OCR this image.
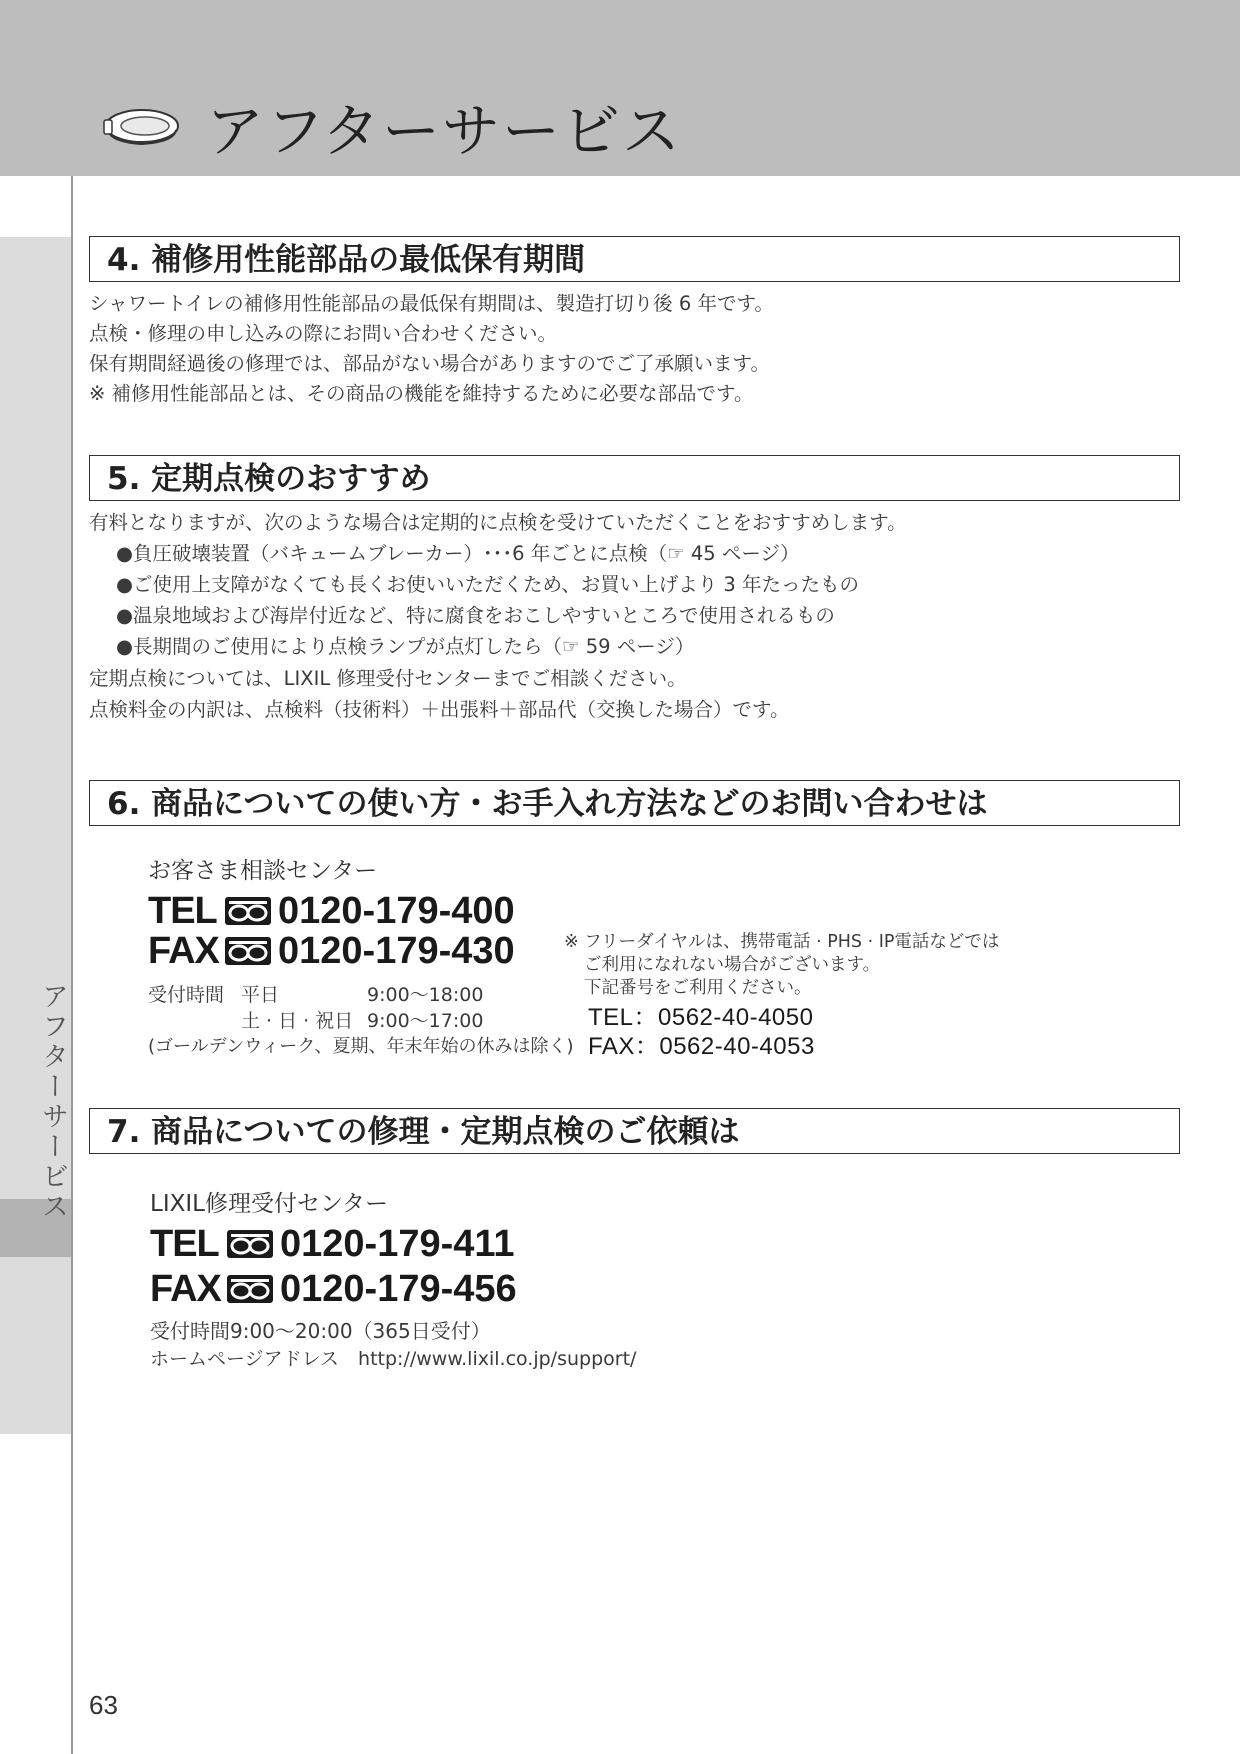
アフターサービス
アフターサービス
4. 補修用性能部品の最低保有期間
シャワートイレの補修用性能部品の最低保有期間は、製造打切り後 6 年です。
点検・修理の申し込みの際にお問い合わせください。
保有期間経過後の修理では、部品がない場合がありますのでご了承願います。
※ 補修用性能部品とは、その商品の機能を維持するために必要な部品です。
5. 定期点検のおすすめ
有料となりますが、次のような場合は定期的に点検を受けていただくことをおすすめします。
●負圧破壊装置（バキュームブレーカー）･･･6 年ごとに点検（☞ 45 ページ）
●ご使用上支障がなくても長くお使いいただくため、お買い上げより 3 年たったもの
●温泉地域および海岸付近など、特に腐食をおこしやすいところで使用されるもの
●長期間のご使用により点検ランプが点灯したら（☞ 59 ページ）
定期点検については、LIXIL 修理受付センターまでご相談ください。
点検料金の内訳は、点検料（技術料）＋出張料＋部品代（交換した場合）です。
6. 商品についての使い方・お手入れ方法などのお問い合わせは
お客さま相談センター
TEL 0120-179-400
FAX 0120-179-430
受付時間 平日	9:00〜18:00
土 · 日 · 祝日 9:00〜17:00
(ゴールデンウィーク、夏期、年末年始の休みは除く)
※ フリーダイヤルは、携帯電話 · PHS · IP電話などでは
ご利用になれない場合がございます。
下記番号をご利用ください。
TEL：0562-40-4050
FAX：0562-40-4053
7. 商品についての修理・定期点検のご依頼は
LIXIL修理受付センター
TEL 0120-179-411
FAX 0120-179-456
受付時間9:00〜20:00（365日受付）
ホームページアドレス　http://www.lixil.co.jp/support/
63
